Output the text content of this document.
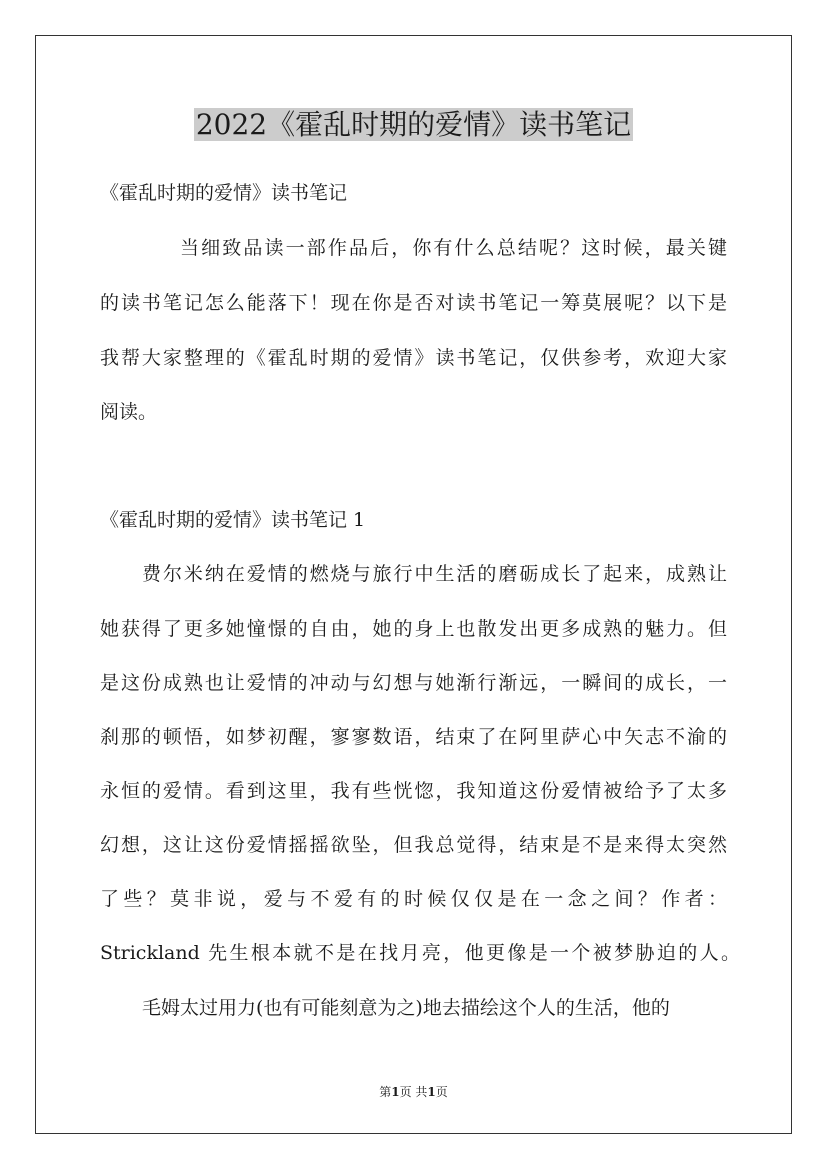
2022《霍乱时期的爱情》读书笔记

《霍乱时期的爱情》读书笔记

当细致品读一部作品后，你有什么总结呢？这时候，最关键

的读书笔记怎么能落下！现在你是否对读书笔记一筹莫展呢？以下是

我帮大家整理的《霍乱时期的爱情》读书笔记，仅供参考，欢迎大家

阅读。

《霍乱时期的爱情》读书笔记 1

费尔米纳在爱情的燃烧与旅行中生活的磨砺成长了起来，成熟让

她获得了更多她憧憬的自由，她的身上也散发出更多成熟的魅力。但

是这份成熟也让爱情的冲动与幻想与她渐行渐远，一瞬间的成长，一

刹那的顿悟，如梦初醒，寥寥数语，结束了在阿里萨心中矢志不渝的

永恒的爱情。看到这里，我有些恍惚，我知道这份爱情被给予了太多

幻想，这让这份爱情摇摇欲坠，但我总觉得，结束是不是来得太突然

了些？莫非说，爱与不爱有的时候仅仅是在一念之间？作者：

Strickland 先生根本就不是在找月亮，他更像是一个被梦胁迫的人。

毛姆太过用力(也有可能刻意为之)地去描绘这个人的生活，他的

第1页 共1页
